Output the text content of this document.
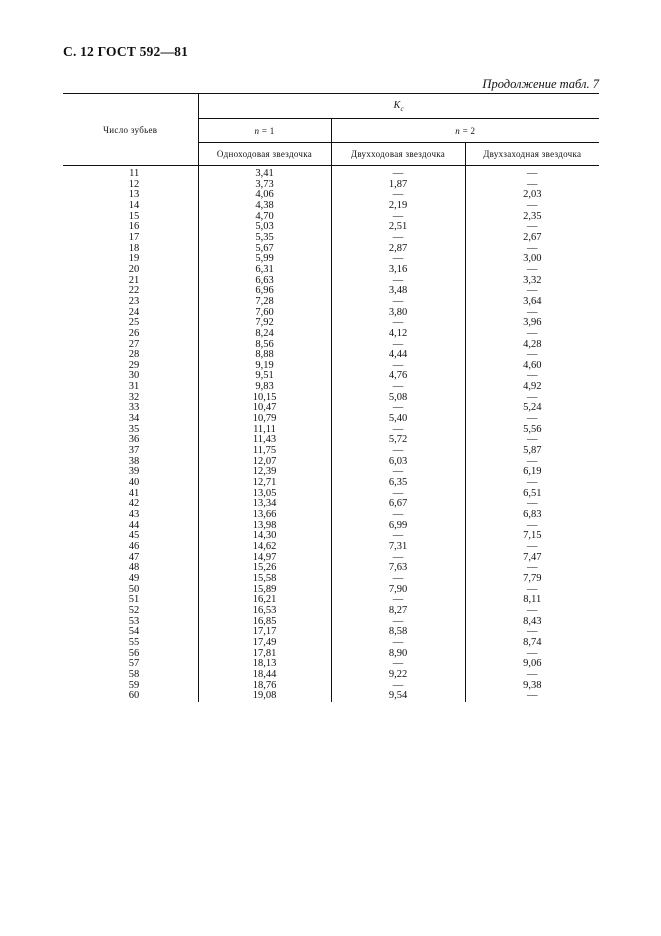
С. 12 ГОСТ 592—81
Продолжение табл. 7
Число зубьев	$K_c$
	n = 1	n = 2	
	Одноходовая звездочка	Двухходовая звездочка	Двухзаходная звездочка
11	3,41	—	—
12	3,73	1,87	—
13	4,06	—	2,03
14	4,38	2,19	—
15	4,70	—	2,35
16	5,03	2,51	—
17	5,35	—	2,67
18	5,67	2,87	—
19	5,99	—	3,00
20	6,31	3,16	—
21	6,63	—	3,32
22	6,96	3,48	—
23	7,28	—	3,64
24	7,60	3,80	—
25	7,92	—	3,96
26	8,24	4,12	—
27	8,56	—	4,28
28	8,88	4,44	—
29	9,19	—	4,60
30	9,51	4,76	—
31	9,83	—	4,92
32	10,15	5,08	—
33	10,47	—	5,24
34	10,79	5,40	—
35	11,11	—	5,56
36	11,43	5,72	—
37	11,75	—	5,87
38	12,07	6,03	—
39	12,39	—	6,19
40	12,71	6,35	—
41	13,05	—	6,51
42	13,34	6,67	—
43	13,66	—	6,83
44	13,98	6,99	—
45	14,30	—	7,15
46	14,62	7,31	—
47	14,97	—	7,47
48	15,26	7,63	—
49	15,58	—	7,79
50	15,89	7,90	—
51	16,21	—	8,11
52	16,53	8,27	—
53	16,85	—	8,43
54	17,17	8,58	—
55	17,49	—	8,74
56	17,81	8,90	—
57	18,13	—	9,06
58	18,44	9,22	—
59	18,76	—	9,38
60	19,08	9,54	—
